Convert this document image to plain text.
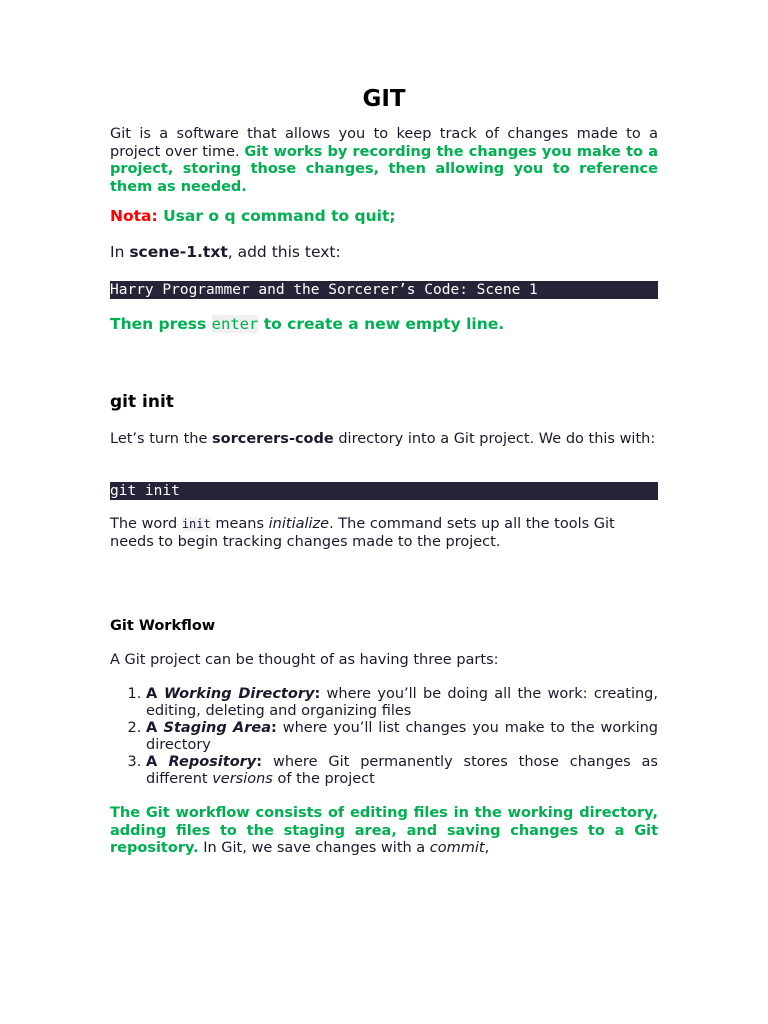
GIT

Git is a software that allows you to keep track of changes made to a project over time. Git works by recording the changes you make to a project, storing those changes, then allowing you to reference them as needed.

Nota: Usar o q command to quit;

In scene-1.txt, add this text:

Harry Programmer and the Sorcerer’s Code: Scene 1

Then press enter to create a new empty line.

git init

Let’s turn the sorcerers-code directory into a Git project. We do this with:

git init

The word init means initialize. The command sets up all the tools Git needs to begin tracking changes made to the project.

Git Workflow

A Git project can be thought of as having three parts:

1. A Working Directory: where you’ll be doing all the work: creating, editing, deleting and organizing files
2. A Staging Area: where you’ll list changes you make to the working directory
3. A Repository: where Git permanently stores those changes as different versions of the project

The Git workflow consists of editing files in the working directory, adding files to the staging area, and saving changes to a Git repository. In Git, we save changes with a commit,
